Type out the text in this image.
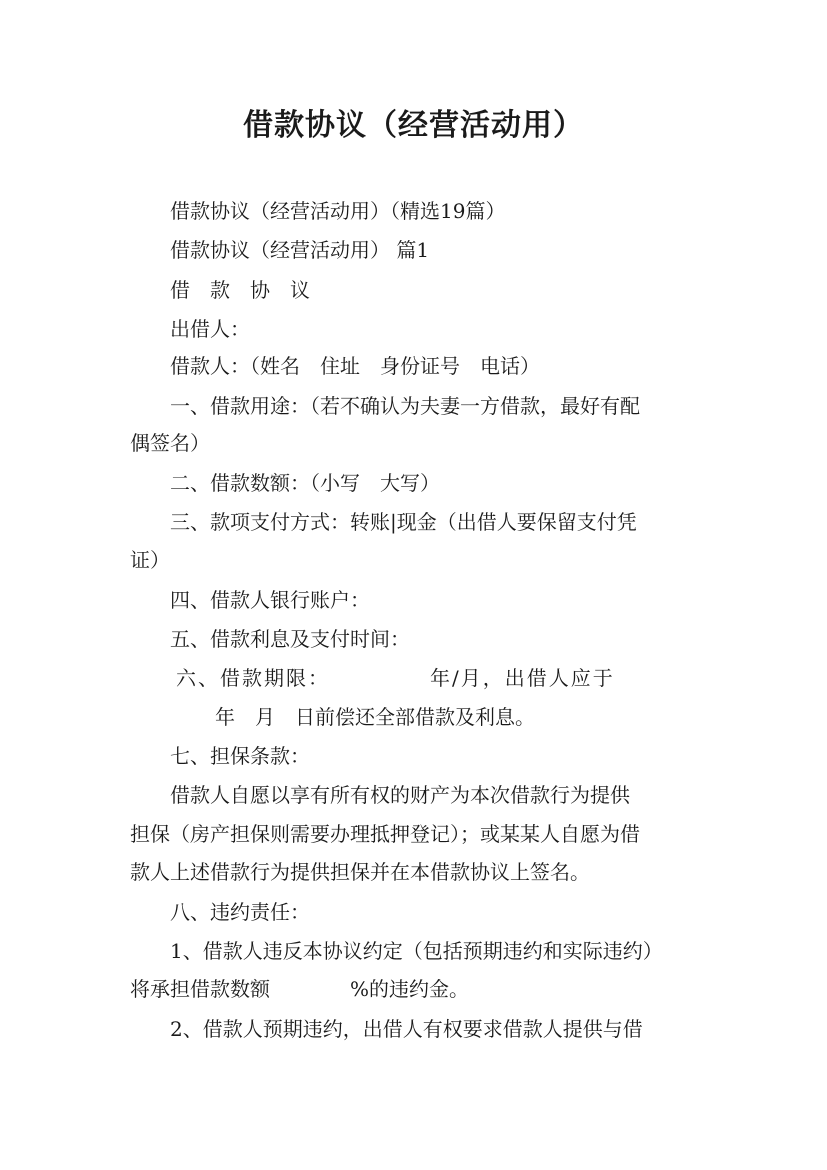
借款协议（经营活动用）
借款协议（经营活动用）（精选19篇）
借款协议（经营活动用） 篇1
借　款　协　议
出借人：
借款人：（姓名　住址　身份证号　电话）
一、借款用途：（若不确认为夫妻一方借款，最好有配
偶签名）
二、借款数额：（小写　大写）
三、款项支付方式：转账|现金（出借人要保留支付凭
证）
四、借款人银行账户：
五、借款利息及支付时间：
六、借款期限：　　　　　年/月，出借人应于
年　月　日前偿还全部借款及利息。
七、担保条款：
借款人自愿以享有所有权的财产为本次借款行为提供
担保（房产担保则需要办理抵押登记）；或某某人自愿为借
款人上述借款行为提供担保并在本借款协议上签名。
八、违约责任：
1、借款人违反本协议约定（包括预期违约和实际违约）
将承担借款数额　　　　%的违约金。
2、借款人预期违约，出借人有权要求借款人提供与借
